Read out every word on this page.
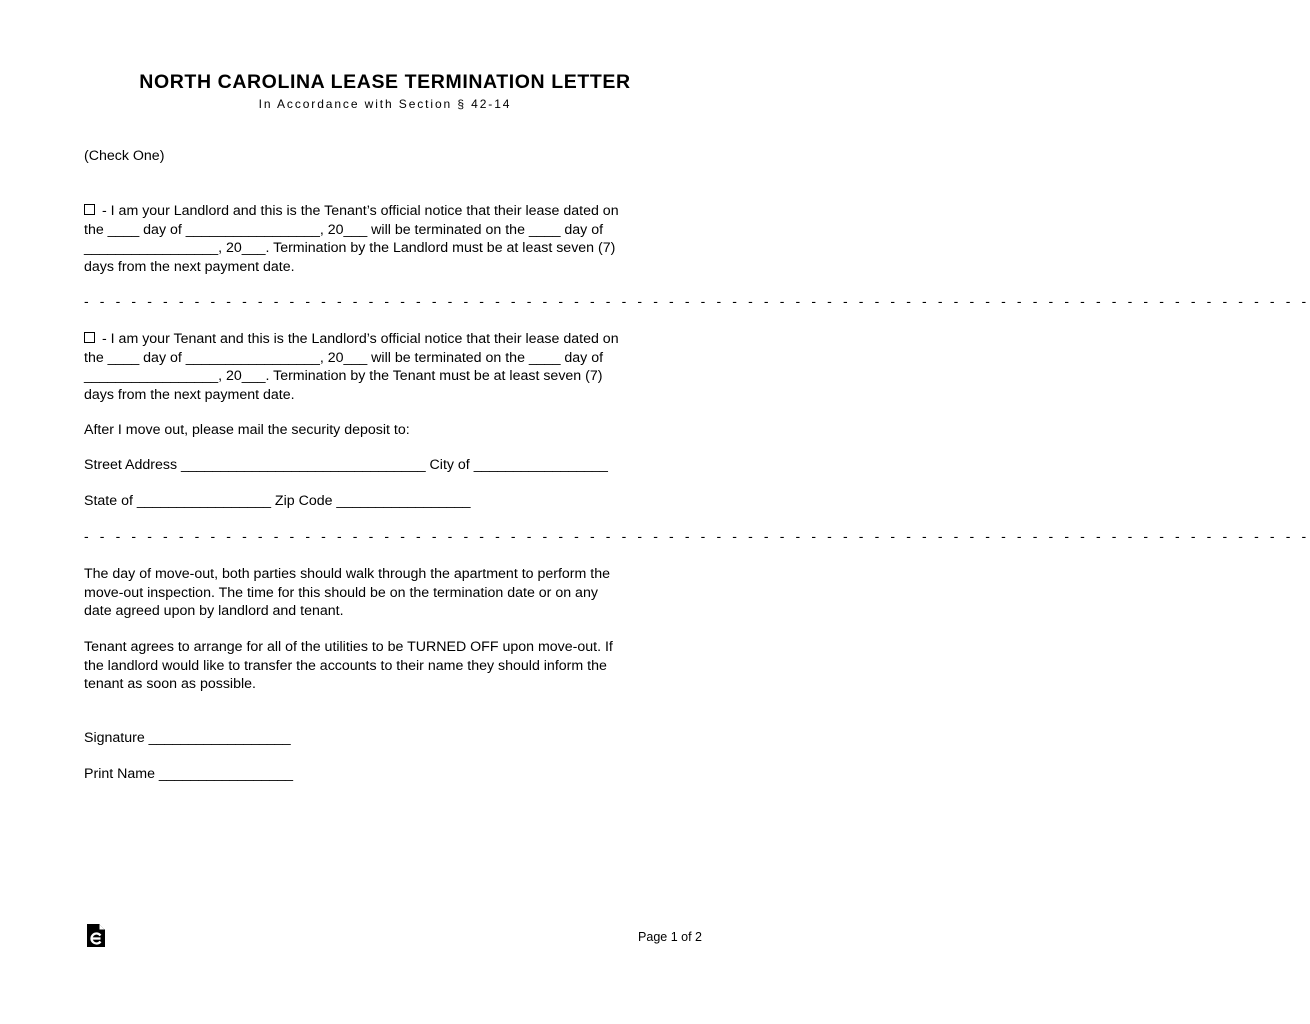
NORTH CAROLINA LEASE TERMINATION LETTER

In Accordance with Section § 42-14

(Check One)

- I am your Landlord and this is the Tenant’s official notice that their lease dated on
the ____ day of _________________, 20___ will be terminated on the ____ day of
_________________, 20___. Termination by the Landlord must be at least seven (7)
days from the next payment date.

- - - - - - - - - - - - - - - - - - - - - - - - - - - - - - - - - - - - - - - - - - - - - - - - - - - - - - - - - - - - - - - - - - - - - - - - - - - - - -

- I am your Tenant and this is the Landlord’s official notice that their lease dated on
the ____ day of _________________, 20___ will be terminated on the ____ day of
_________________, 20___. Termination by the Tenant must be at least seven (7)
days from the next payment date.

After I move out, please mail the security deposit to:

Street Address _______________________________ City of _________________

State of _________________ Zip Code _________________

- - - - - - - - - - - - - - - - - - - - - - - - - - - - - - - - - - - - - - - - - - - - - - - - - - - - - - - - - - - - - - - - - - - - - - - - - - - - - -

The day of move-out, both parties should walk through the apartment to perform the
move-out inspection. The time for this should be on the termination date or on any
date agreed upon by landlord and tenant.
Tenant agrees to arrange for all of the utilities to be TURNED OFF upon move-out. If
the landlord would like to transfer the accounts to their name they should inform the
tenant as soon as possible.

Signature __________________

Print Name _________________

Page 1 of 2
